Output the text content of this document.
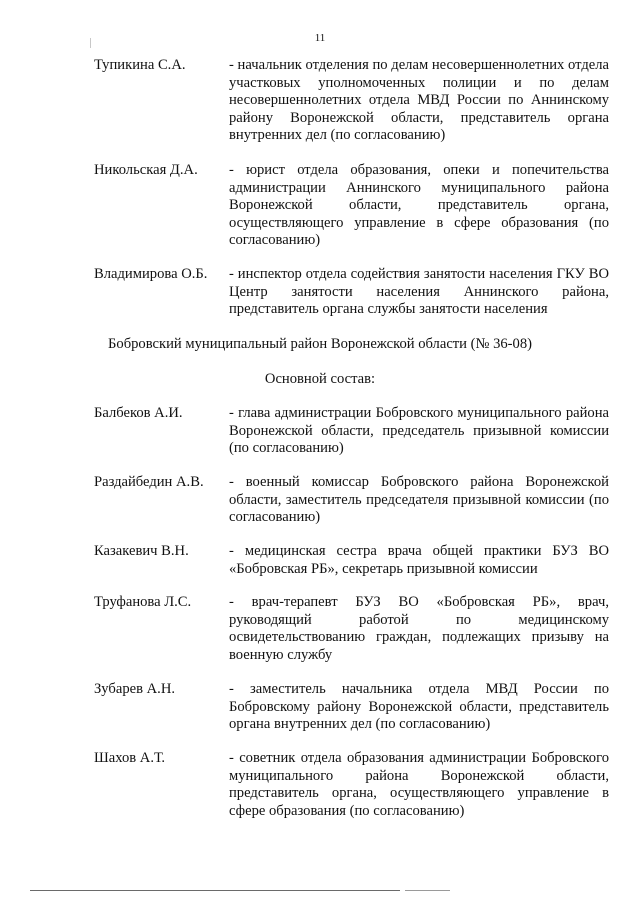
11
Тупикина С.А.	- начальник отделения по делам несовершеннолетних отдела участковых уполномоченных полиции и по делам несовершеннолетних отдела МВД России по Аннинскому району Воронежской области, представитель органа внутренних дел (по согласованию)
Никольская Д.А. - юрист отдела образования, опеки и попечительства администрации Аннинского муниципального района Воронежской области, представитель органа, осуществляющего управление в сфере образования (по согласованию)
Владимирова О.Б. - инспектор отдела содействия занятости населения ГКУ ВО Центр занятости населения Аннинского района, представитель органа службы занятости населения
Бобровский муниципальный район Воронежской области (№ 36-08)
Основной состав:
Балбеков А.И.	- глава администрации Бобровского муниципального района Воронежской области, председатель призывной комиссии (по согласованию)
Раздайбедин А.В. - военный комиссар Бобровского района Воронежской области, заместитель председателя призывной комиссии (по согласованию)
Казакевич В.Н.	- медицинская сестра врача общей практики БУЗ ВО «Бобровская РБ», секретарь призывной комиссии
Труфанова Л.С.	- врач-терапевт БУЗ ВО «Бобровская РБ», врач, руководящий работой по медицинскому освидетельствованию граждан, подлежащих призыву на военную службу
Зубарев А.Н.	- заместитель начальника отдела МВД России по Бобровскому району Воронежской области, представитель органа внутренних дел (по согласованию)
Шахов А.Т.	- советник отдела образования администрации Бобровского муниципального района Воронежской области, представитель органа, осуществляющего управление в сфере образования (по согласованию)
